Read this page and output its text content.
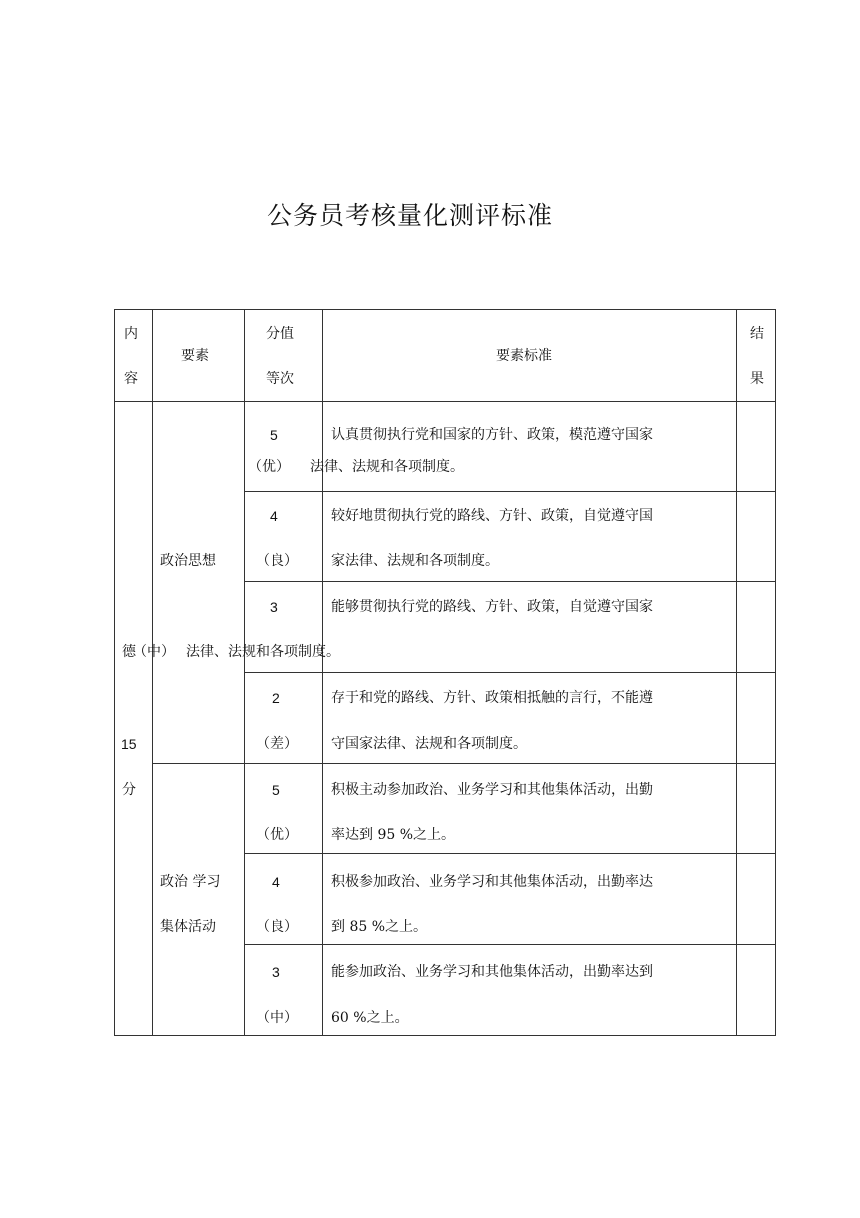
公务员考核量化测评标准
内
容
要素
分值
等次
要素标准
结
果
政治思想
政治 学习
集体活动
德
15
分
5
（优）
认真贯彻执行党和国家的方针、政策，模范遵守国家
法律、法规和各项制度。
4
（良）
较好地贯彻执行党的路线、方针、政策，自觉遵守国
家法律、法规和各项制度。
3
（中）
能够贯彻执行党的路线、方针、政策，自觉遵守国家
法律、法规和各项制度。
2
（差）
存于和党的路线、方针、政策相抵触的言行，不能遵
守国家法律、法规和各项制度。
5
（优）
积极主动参加政治、业务学习和其他集体活动，出勤
率达到 95 %之上。
4
（良）
积极参加政治、业务学习和其他集体活动，出勤率达
到 85 %之上。
3
（中）
能参加政治、业务学习和其他集体活动，出勤率达到
60 %之上。
